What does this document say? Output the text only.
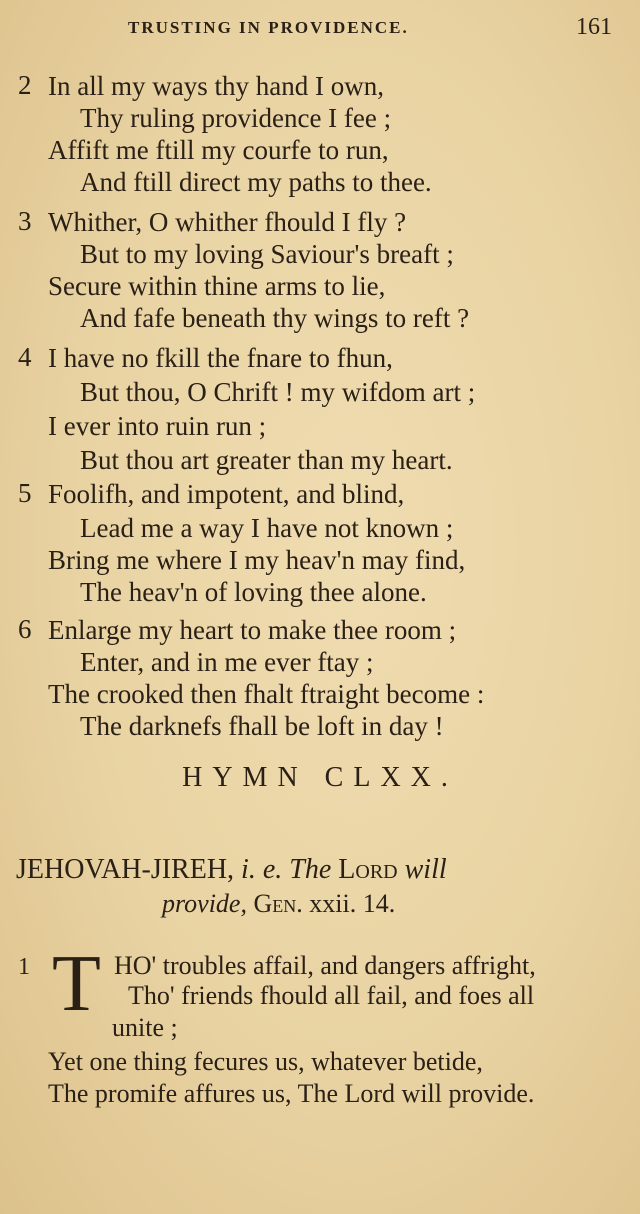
TRUSTING IN PROVIDENCE.	161
2 In all my ways thy hand I own,
Thy ruling providence I fee ;
Affift me ftill my courfe to run,
And ftill direct my paths to thee.
3 Whither, O whither fhould I fly ?
But to my loving Saviour's breaft ;
Secure within thine arms to lie,
And fafe beneath thy wings to reft ?
4 I have no fkill the fnare to fhun,
But thou, O Chrift ! my wifdom art ;
I ever into ruin run ;
But thou art greater than my heart.
5 Foolifh, and impotent, and blind,
Lead me a way I have not known ;
Bring me where I my heav'n may find,
The heav'n of loving thee alone.
6 Enlarge my heart to make thee room ;
Enter, and in me ever ftay ;
The crooked then fhalt ftraight become :
The darknefs fhall be loft in day !
HYMN CLXX.
JEHOVAH-JIREH, i. e. The Lord will
provide, Gen. xxii. 14.
1 T HO' troubles affail, and dangers affright,
Tho' friends fhould all fail, and foes all
unite ;
Yet one thing fecures us, whatever betide,
The promife affures us, The Lord will provide.
